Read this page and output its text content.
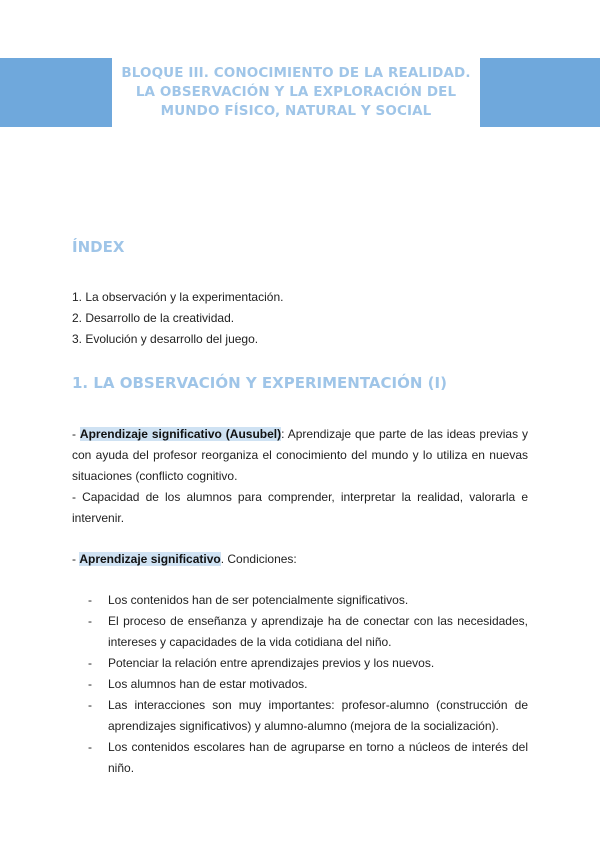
BLOQUE III. CONOCIMIENTO DE LA REALIDAD. LA OBSERVACIÓN Y LA EXPLORACIÓN DEL MUNDO FÍSICO, NATURAL Y SOCIAL
ÍNDEX
1. La observación y la experimentación.
2. Desarrollo de la creatividad.
3. Evolución y desarrollo del juego.
1. LA OBSERVACIÓN Y EXPERIMENTACIÓN (I)

- Aprendizaje significativo (Ausubel): Aprendizaje que parte de las ideas previas y con ayuda del profesor reorganiza el conocimiento del mundo y lo utiliza en nuevas situaciones (conflicto cognitivo.

- Capacidad de los alumnos para comprender, interpretar la realidad, valorarla e intervenir.

- Aprendizaje significativo. Condiciones:

- Los contenidos han de ser potencialmente significativos.
- El proceso de enseñanza y aprendizaje ha de conectar con las necesidades, intereses y capacidades de la vida cotidiana del niño.
- Potenciar la relación entre aprendizajes previos y los nuevos.
- Los alumnos han de estar motivados.
- Las interacciones son muy importantes: profesor-alumno (construcción de aprendizajes significativos) y alumno-alumno (mejora de la socialización).
- Los contenidos escolares han de agruparse en torno a núcleos de interés del niño.
